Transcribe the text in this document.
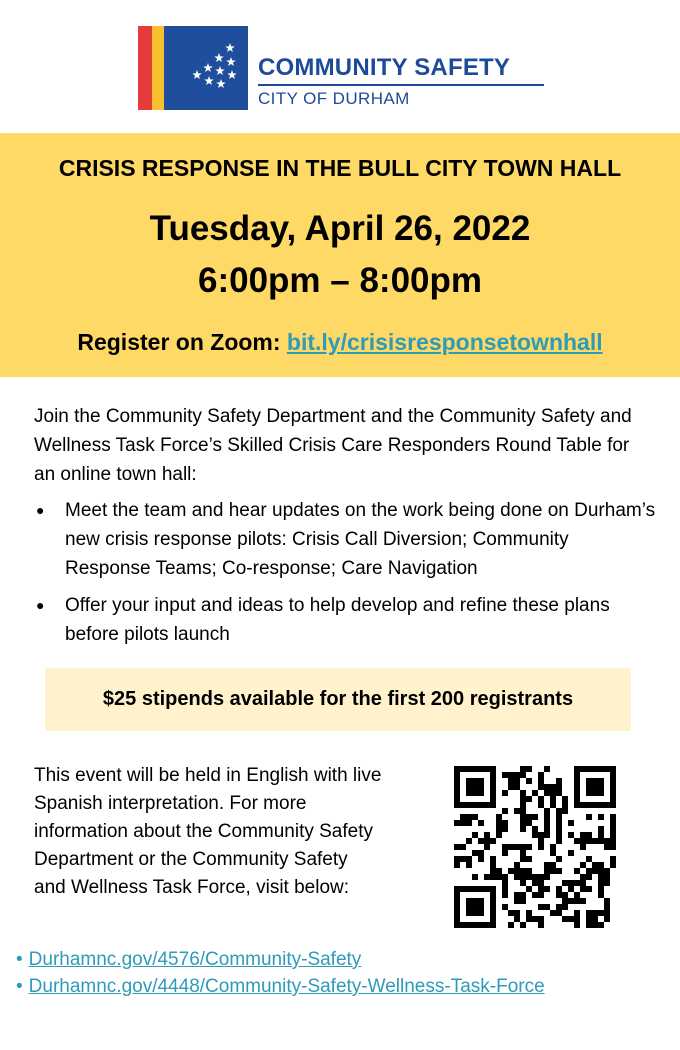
COMMUNITY SAFETY
CITY OF DURHAM
CRISIS RESPONSE IN THE BULL CITY TOWN HALL
Tuesday, April 26, 2022
6:00pm – 8:00pm
Register on Zoom: bit.ly/crisisresponsetownhall
Join the Community Safety Department and the Community Safety and Wellness Task Force’s Skilled Crisis Care Responders Round Table for an online town hall:
● Meet the team and hear updates on the work being done on Durham’s new crisis response pilots: Crisis Call Diversion; Community Response Teams; Co-response; Care Navigation
● Offer your input and ideas to help develop and refine these plans before pilots launch
$25 stipends available for the first 200 registrants
This event will be held in English with live Spanish interpretation. For more information about the Community Safety Department or the Community Safety and Wellness Task Force, visit below:
• Durhamnc.gov/4576/Community-Safety
• Durhamnc.gov/4448/Community-Safety-Wellness-Task-Force
